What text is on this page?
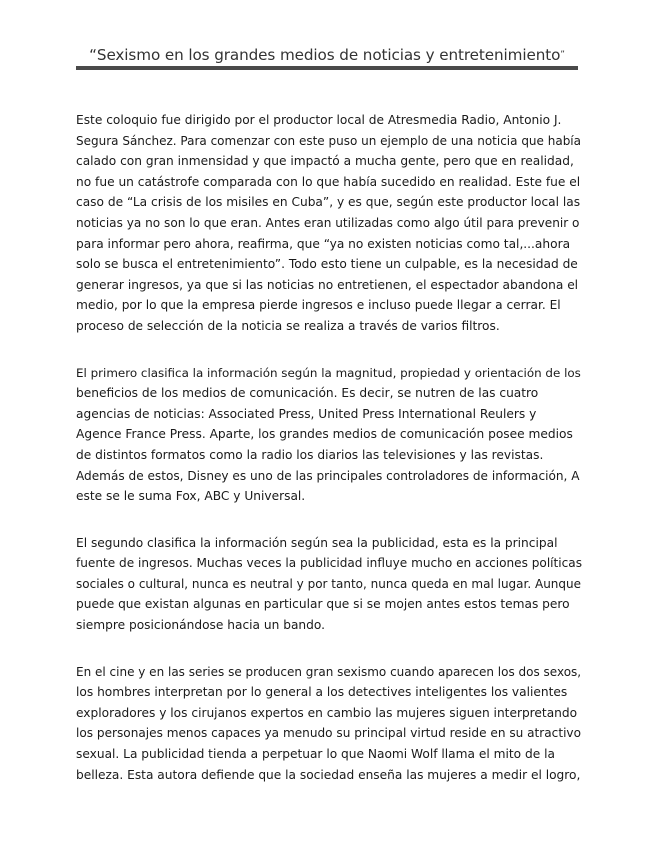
“Sexismo en los grandes medios de noticias y entretenimiento”
Este coloquio fue dirigido por el productor local de Atresmedia Radio, Antonio J.
Segura Sánchez. Para comenzar con este puso un ejemplo de una noticia que había
calado con gran inmensidad y que impactó a mucha gente, pero que en realidad,
no fue un catástrofe comparada con lo que había sucedido en realidad. Este fue el
caso de “La crisis de los misiles en Cuba”, y es que, según este productor local las
noticias ya no son lo que eran. Antes eran utilizadas como algo útil para prevenir o
para informar pero ahora, reafirma, que “ya no existen noticias como tal,...ahora
solo se busca el entretenimiento”. Todo esto tiene un culpable, es la necesidad de
generar ingresos, ya que si las noticias no entretienen, el espectador abandona el
medio, por lo que la empresa pierde ingresos e incluso puede llegar a cerrar. El
proceso de selección de la noticia se realiza a través de varios filtros.
El primero clasifica la información según la magnitud, propiedad y orientación de los
beneficios de los medios de comunicación. Es decir, se nutren de las cuatro
agencias de noticias: Associated Press, United Press International Reulers y
Agence France Press. Aparte, los grandes medios de comunicación posee medios
de distintos formatos como la radio los diarios las televisiones y las revistas.
Además de estos, Disney es uno de las principales controladores de información, A
este se le suma Fox, ABC y Universal.
El segundo clasifica la información según sea la publicidad, esta es la principal
fuente de ingresos. Muchas veces la publicidad influye mucho en acciones políticas
sociales o cultural, nunca es neutral y por tanto, nunca queda en mal lugar. Aunque
puede que existan algunas en particular que si se mojen antes estos temas pero
siempre posicionándose hacia un bando.
En el cine y en las series se producen gran sexismo cuando aparecen los dos sexos,
los hombres interpretan por lo general a los detectives inteligentes los valientes
exploradores y los cirujanos expertos en cambio las mujeres siguen interpretando
los personajes menos capaces ya menudo su principal virtud reside en su atractivo
sexual. La publicidad tienda a perpetuar lo que Naomi Wolf llama el mito de la
belleza. Esta autora defiende que la sociedad enseña las mujeres a medir el logro,
